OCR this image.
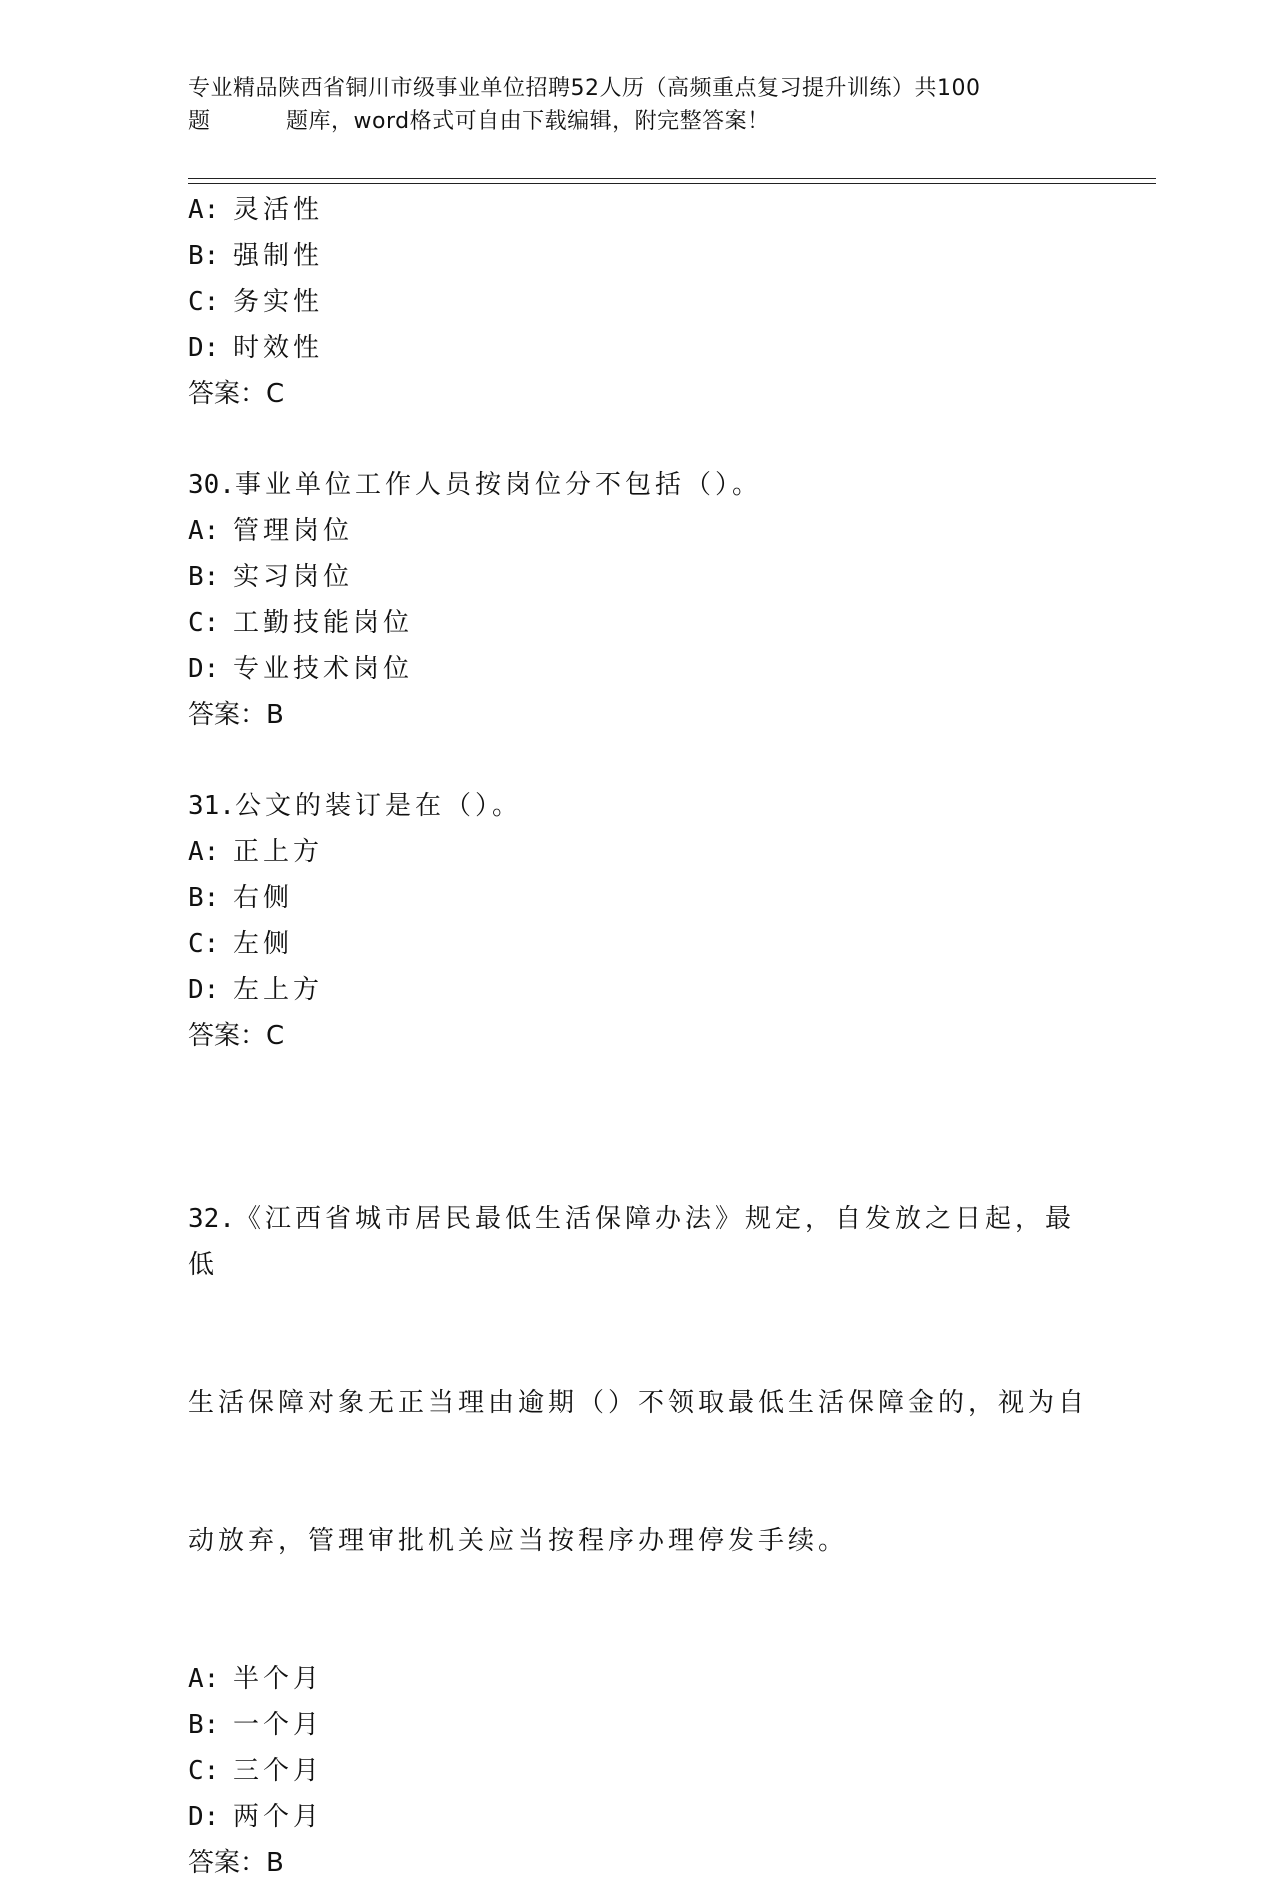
专业精品陕西省铜川市级事业单位招聘52人历（高频重点复习提升训练）共100
题	题库，word格式可自由下载编辑，附完整答案！
A: 灵活性
B: 强制性
C: 务实性
D: 时效性
答案：C
30.事业单位工作人员按岗位分不包括（）。
A: 管理岗位
B: 实习岗位
C: 工勤技能岗位
D: 专业技术岗位
答案：B
31.公文的装订是在（）。
A: 正上方
B: 右侧
C: 左侧
D: 左上方
答案：C

32.《江西省城市居民最低生活保障办法》规定，自发放之日起，最低

生活保障对象无正当理由逾期（）不领取最低生活保障金的，视为自

动放弃，管理审批机关应当按程序办理停发手续。

A: 半个月
B: 一个月
C: 三个月
D: 两个月
答案：B
